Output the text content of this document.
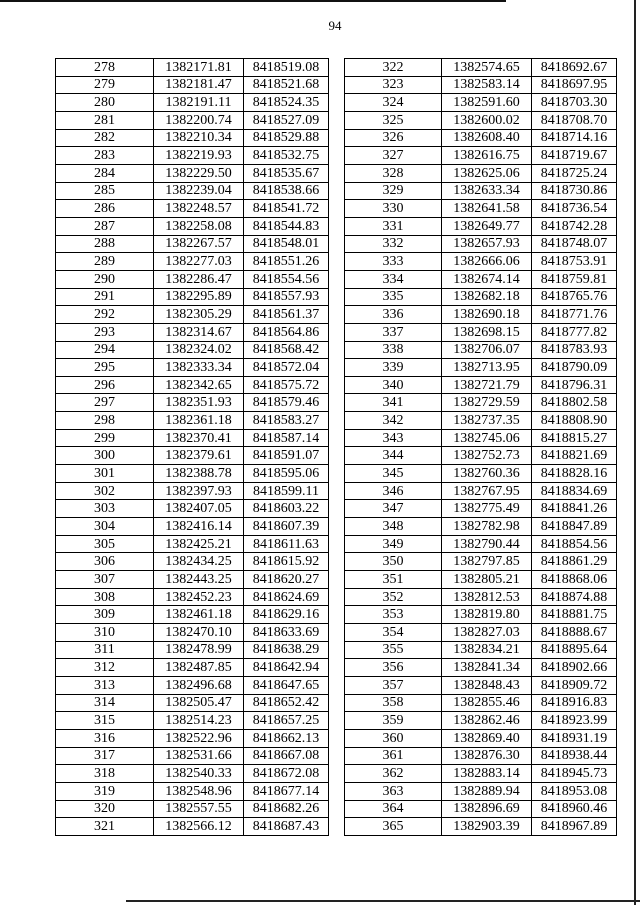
94
278	1382171.81	8418519.08
279	1382181.47	8418521.68
280	1382191.11	8418524.35
281	1382200.74	8418527.09
282	1382210.34	8418529.88
283	1382219.93	8418532.75
284	1382229.50	8418535.67
285	1382239.04	8418538.66
286	1382248.57	8418541.72
287	1382258.08	8418544.83
288	1382267.57	8418548.01
289	1382277.03	8418551.26
290	1382286.47	8418554.56
291	1382295.89	8418557.93
292	1382305.29	8418561.37
293	1382314.67	8418564.86
294	1382324.02	8418568.42
295	1382333.34	8418572.04
296	1382342.65	8418575.72
297	1382351.93	8418579.46
298	1382361.18	8418583.27
299	1382370.41	8418587.14
300	1382379.61	8418591.07
301	1382388.78	8418595.06
302	1382397.93	8418599.11
303	1382407.05	8418603.22
304	1382416.14	8418607.39
305	1382425.21	8418611.63
306	1382434.25	8418615.92
307	1382443.25	8418620.27
308	1382452.23	8418624.69
309	1382461.18	8418629.16
310	1382470.10	8418633.69
311	1382478.99	8418638.29
312	1382487.85	8418642.94
313	1382496.68	8418647.65
314	1382505.47	8418652.42
315	1382514.23	8418657.25
316	1382522.96	8418662.13
317	1382531.66	8418667.08
318	1382540.33	8418672.08
319	1382548.96	8418677.14
320	1382557.55	8418682.26
321	1382566.12	8418687.43
322	1382574.65	8418692.67
323	1382583.14	8418697.95
324	1382591.60	8418703.30
325	1382600.02	8418708.70
326	1382608.40	8418714.16
327	1382616.75	8418719.67
328	1382625.06	8418725.24
329	1382633.34	8418730.86
330	1382641.58	8418736.54
331	1382649.77	8418742.28
332	1382657.93	8418748.07
333	1382666.06	8418753.91
334	1382674.14	8418759.81
335	1382682.18	8418765.76
336	1382690.18	8418771.76
337	1382698.15	8418777.82
338	1382706.07	8418783.93
339	1382713.95	8418790.09
340	1382721.79	8418796.31
341	1382729.59	8418802.58
342	1382737.35	8418808.90
343	1382745.06	8418815.27
344	1382752.73	8418821.69
345	1382760.36	8418828.16
346	1382767.95	8418834.69
347	1382775.49	8418841.26
348	1382782.98	8418847.89
349	1382790.44	8418854.56
350	1382797.85	8418861.29
351	1382805.21	8418868.06
352	1382812.53	8418874.88
353	1382819.80	8418881.75
354	1382827.03	8418888.67
355	1382834.21	8418895.64
356	1382841.34	8418902.66
357	1382848.43	8418909.72
358	1382855.46	8418916.83
359	1382862.46	8418923.99
360	1382869.40	8418931.19
361	1382876.30	8418938.44
362	1382883.14	8418945.73
363	1382889.94	8418953.08
364	1382896.69	8418960.46
365	1382903.39	8418967.89
